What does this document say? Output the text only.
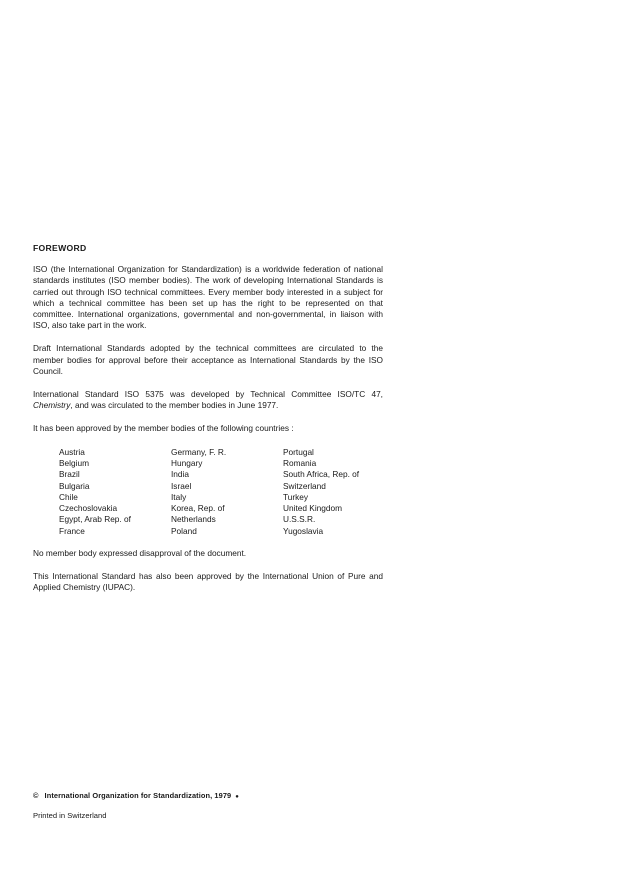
FOREWORD

ISO (the International Organization for Standardization) is a worldwide federation of national standards institutes (ISO member bodies). The work of developing International Standards is carried out through ISO technical committees. Every member body interested in a subject for which a technical committee has been set up has the right to be represented on that committee. International organizations, governmental and non-governmental, in liaison with ISO, also take part in the work.

Draft International Standards adopted by the technical committees are circulated to the member bodies for approval before their acceptance as International Standards by the ISO Council.

International Standard ISO 5375 was developed by Technical Committee ISO/TC 47, Chemistry, and was circulated to the member bodies in June 1977.

It has been approved by the member bodies of the following countries :

Austria
Belgium
Brazil
Bulgaria
Chile
Czechoslovakia
Egypt, Arab Rep. of
France
Germany, F. R.
Hungary
India
Israel
Italy
Korea, Rep. of
Netherlands
Poland
Portugal
Romania
South Africa, Rep. of
Switzerland
Turkey
United Kingdom
U.S.S.R.
Yugoslavia

No member body expressed disapproval of the document.

This International Standard has also been approved by the International Union of Pure and Applied Chemistry (IUPAC).

© International Organization for Standardization, 1979 ●
Printed in Switzerland
